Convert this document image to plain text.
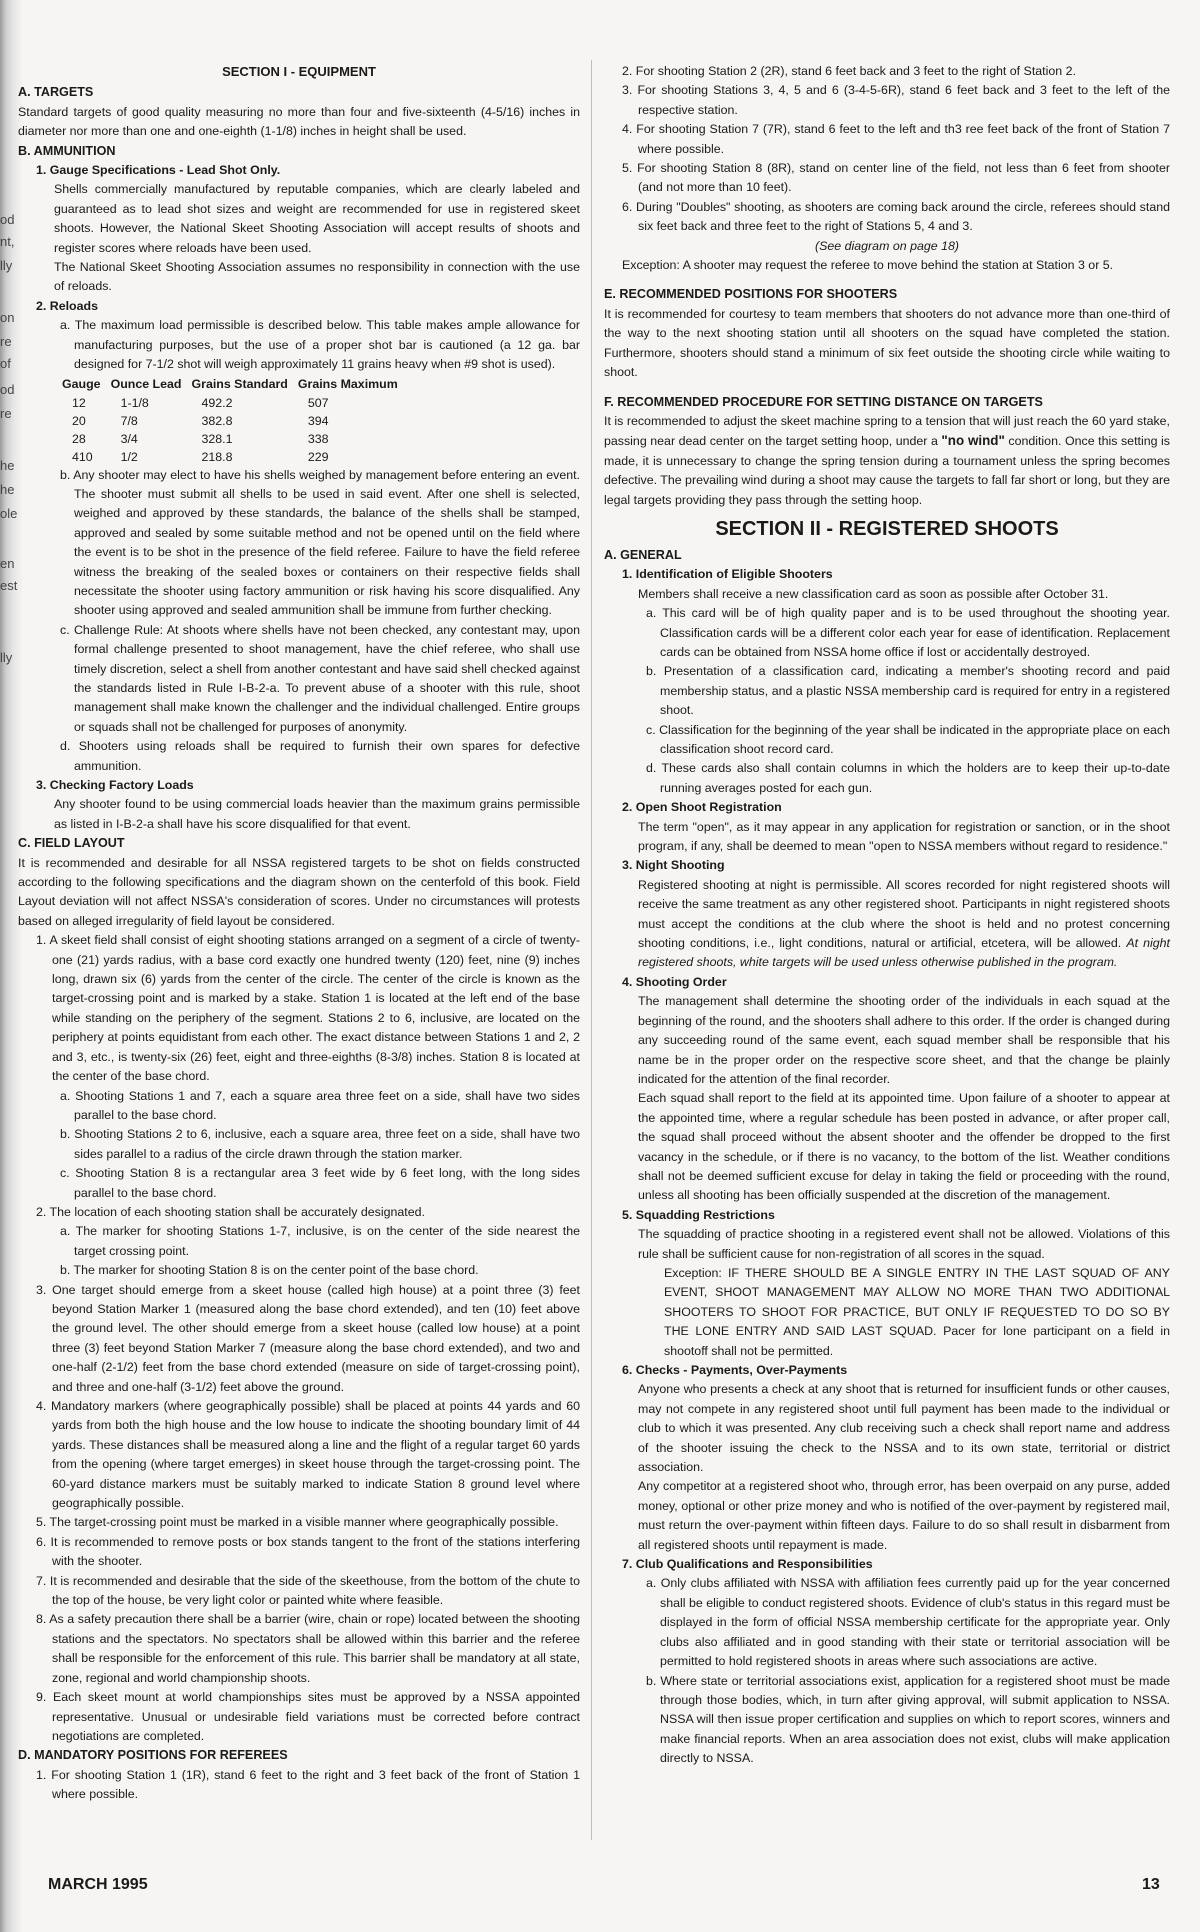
od
nt,
lly
on
re
of
od
re
he
he
ole
en
est
lly

SECTION I - EQUIPMENT

A. TARGETS

Standard targets of good quality measuring no more than four and five-sixteenth (4-5/16) inches in diameter nor more than one and one-eighth (1-1/8) inches in height shall be used.

B. AMMUNITION

1. Gauge Specifications - Lead Shot Only.

Shells commercially manufactured by reputable companies, which are clearly labeled and guaranteed as to lead shot sizes and weight are recommended for use in registered skeet shoots. However, the National Skeet Shooting Association will accept results of shoots and register scores where reloads have been used.

The National Skeet Shooting Association assumes no responsibility in connection with the use of reloads.

2. Reloads

a. The maximum load permissible is described below. This table makes ample allowance for manufacturing purposes, but the use of a proper shot bar is cautioned (a 12 ga. bar designed for 7-1/2 shot will weigh approximately 11 grains heavy when #9 shot is used).

Gauge	Ounce Lead	Grains Standard	Grains Maximum
12	1-1/8	492.2	507
20	7/8	382.8	394
28	3/4	328.1	338
410	1/2	218.8	229

b. Any shooter may elect to have his shells weighed by management before entering an event. The shooter must submit all shells to be used in said event. After one shell is selected, weighed and approved by these standards, the balance of the shells shall be stamped, approved and sealed by some suitable method and not be opened until on the field where the event is to be shot in the presence of the field referee. Failure to have the field referee witness the breaking of the sealed boxes or containers on their respective fields shall necessitate the shooter using factory ammunition or risk having his score disqualified. Any shooter using approved and sealed ammunition shall be immune from further checking.

c. Challenge Rule: At shoots where shells have not been checked, any contestant may, upon formal challenge presented to shoot management, have the chief referee, who shall use timely discretion, select a shell from another contestant and have said shell checked against the standards listed in Rule I-B-2-a. To prevent abuse of a shooter with this rule, shoot management shall make known the challenger and the individual challenged. Entire groups or squads shall not be challenged for purposes of anonymity.

d. Shooters using reloads shall be required to furnish their own spares for defective ammunition.

3. Checking Factory Loads

Any shooter found to be using commercial loads heavier than the maximum grains permissible as listed in I-B-2-a shall have his score disqualified for that event.

C. FIELD LAYOUT

It is recommended and desirable for all NSSA registered targets to be shot on fields constructed according to the following specifications and the diagram shown on the centerfold of this book. Field Layout deviation will not affect NSSA's consideration of scores. Under no circumstances will protests based on alleged irregularity of field layout be considered.

1. A skeet field shall consist of eight shooting stations arranged on a segment of a circle of twenty-one (21) yards radius, with a base cord exactly one hundred twenty (120) feet, nine (9) inches long, drawn six (6) yards from the center of the circle. The center of the circle is known as the target-crossing point and is marked by a stake. Station 1 is located at the left end of the base while standing on the periphery of the segment. Stations 2 to 6, inclusive, are located on the periphery at points equidistant from each other. The exact distance between Stations 1 and 2, 2 and 3, etc., is twenty-six (26) feet, eight and three-eighths (8-3/8) inches. Station 8 is located at the center of the base chord.

a. Shooting Stations 1 and 7, each a square area three feet on a side, shall have two sides parallel to the base chord.

b. Shooting Stations 2 to 6, inclusive, each a square area, three feet on a side, shall have two sides parallel to a radius of the circle drawn through the station marker.

c. Shooting Station 8 is a rectangular area 3 feet wide by 6 feet long, with the long sides parallel to the base chord.

2. The location of each shooting station shall be accurately designated.

a. The marker for shooting Stations 1-7, inclusive, is on the center of the side nearest the target crossing point.

b. The marker for shooting Station 8 is on the center point of the base chord.

3. One target should emerge from a skeet house (called high house) at a point three (3) feet beyond Station Marker 1 (measured along the base chord extended), and ten (10) feet above the ground level. The other should emerge from a skeet house (called low house) at a point three (3) feet beyond Station Marker 7 (measure along the base chord extended), and two and one-half (2-1/2) feet from the base chord extended (measure on side of target-crossing point), and three and one-half (3-1/2) feet above the ground.

4. Mandatory markers (where geographically possible) shall be placed at points 44 yards and 60 yards from both the high house and the low house to indicate the shooting boundary limit of 44 yards. These distances shall be measured along a line and the flight of a regular target 60 yards from the opening (where target emerges) in skeet house through the target-crossing point. The 60-yard distance markers must be suitably marked to indicate Station 8 ground level where geographically possible.

5. The target-crossing point must be marked in a visible manner where geographically possible.

6. It is recommended to remove posts or box stands tangent to the front of the stations interfering with the shooter.

7. It is recommended and desirable that the side of the skeethouse, from the bottom of the chute to the top of the house, be very light color or painted white where feasible.

8. As a safety precaution there shall be a barrier (wire, chain or rope) located between the shooting stations and the spectators. No spectators shall be allowed within this barrier and the referee shall be responsible for the enforcement of this rule. This barrier shall be mandatory at all state, zone, regional and world championship shoots.

9. Each skeet mount at world championships sites must be approved by a NSSA appointed representative. Unusual or undesirable field variations must be corrected before contract negotiations are completed.

D. MANDATORY POSITIONS FOR REFEREES

1. For shooting Station 1 (1R), stand 6 feet to the right and 3 feet back of the front of Station 1 where possible.

2. For shooting Station 2 (2R), stand 6 feet back and 3 feet to the right of Station 2.

3. For shooting Stations 3, 4, 5 and 6 (3-4-5-6R), stand 6 feet back and 3 feet to the left of the respective station.

4. For shooting Station 7 (7R), stand 6 feet to the left and th3 ree feet back of the front of Station 7 where possible.

5. For shooting Station 8 (8R), stand on center line of the field, not less than 6 feet from shooter (and not more than 10 feet).

6. During "Doubles" shooting, as shooters are coming back around the circle, referees should stand six feet back and three feet to the right of Stations 5, 4 and 3.

(See diagram on page 18)

Exception: A shooter may request the referee to move behind the station at Station 3 or 5.

E. RECOMMENDED POSITIONS FOR SHOOTERS

It is recommended for courtesy to team members that shooters do not advance more than one-third of the way to the next shooting station until all shooters on the squad have completed the station. Furthermore, shooters should stand a minimum of six feet outside the shooting circle while waiting to shoot.

F. RECOMMENDED PROCEDURE FOR SETTING DISTANCE ON TARGETS

It is recommended to adjust the skeet machine spring to a tension that will just reach the 60 yard stake, passing near dead center on the target setting hoop, under a "no wind" condition. Once this setting is made, it is unnecessary to change the spring tension during a tournament unless the spring becomes defective. The prevailing wind during a shoot may cause the targets to fall far short or long, but they are legal targets providing they pass through the setting hoop.

SECTION II - REGISTERED SHOOTS

A. GENERAL

1. Identification of Eligible Shooters

Members shall receive a new classification card as soon as possible after October 31.

a. This card will be of high quality paper and is to be used throughout the shooting year. Classification cards will be a different color each year for ease of identification. Replacement cards can be obtained from NSSA home office if lost or accidentally destroyed.

b. Presentation of a classification card, indicating a member's shooting record and paid membership status, and a plastic NSSA membership card is required for entry in a registered shoot.

c. Classification for the beginning of the year shall be indicated in the appropriate place on each classification shoot record card.

d. These cards also shall contain columns in which the holders are to keep their up-to-date running averages posted for each gun.

2. Open Shoot Registration

The term "open", as it may appear in any application for registration or sanction, or in the shoot program, if any, shall be deemed to mean "open to NSSA members without regard to residence."

3. Night Shooting

Registered shooting at night is permissible. All scores recorded for night registered shoots will receive the same treatment as any other registered shoot. Participants in night registered shoots must accept the conditions at the club where the shoot is held and no protest concerning shooting conditions, i.e., light conditions, natural or artificial, etcetera, will be allowed. At night registered shoots, white targets will be used unless otherwise published in the program.

4. Shooting Order

The management shall determine the shooting order of the individuals in each squad at the beginning of the round, and the shooters shall adhere to this order. If the order is changed during any succeeding round of the same event, each squad member shall be responsible that his name be in the proper order on the respective score sheet, and that the change be plainly indicated for the attention of the final recorder.

Each squad shall report to the field at its appointed time. Upon failure of a shooter to appear at the appointed time, where a regular schedule has been posted in advance, or after proper call, the squad shall proceed without the absent shooter and the offender be dropped to the first vacancy in the schedule, or if there is no vacancy, to the bottom of the list. Weather conditions shall not be deemed sufficient excuse for delay in taking the field or proceeding with the round, unless all shooting has been officially suspended at the discretion of the management.

5. Squadding Restrictions

The squadding of practice shooting in a registered event shall not be allowed. Violations of this rule shall be sufficient cause for non-registration of all scores in the squad.

Exception: IF THERE SHOULD BE A SINGLE ENTRY IN THE LAST SQUAD OF ANY EVENT, SHOOT MANAGEMENT MAY ALLOW NO MORE THAN TWO ADDITIONAL SHOOTERS TO SHOOT FOR PRACTICE, BUT ONLY IF REQUESTED TO DO SO BY THE LONE ENTRY AND SAID LAST SQUAD. Pacer for lone participant on a field in shootoff shall not be permitted.

6. Checks - Payments, Over-Payments

Anyone who presents a check at any shoot that is returned for insufficient funds or other causes, may not compete in any registered shoot until full payment has been made to the individual or club to which it was presented. Any club receiving such a check shall report name and address of the shooter issuing the check to the NSSA and to its own state, territorial or district association.

Any competitor at a registered shoot who, through error, has been overpaid on any purse, added money, optional or other prize money and who is notified of the over-payment by registered mail, must return the over-payment within fifteen days. Failure to do so shall result in disbarment from all registered shoots until repayment is made.

7. Club Qualifications and Responsibilities

a. Only clubs affiliated with NSSA with affiliation fees currently paid up for the year concerned shall be eligible to conduct registered shoots. Evidence of club's status in this regard must be displayed in the form of official NSSA membership certificate for the appropriate year. Only clubs also affiliated and in good standing with their state or territorial association will be permitted to hold registered shoots in areas where such associations are active.

b. Where state or territorial associations exist, application for a registered shoot must be made through those bodies, which, in turn after giving approval, will submit application to NSSA. NSSA will then issue proper certification and supplies on which to report scores, winners and make financial reports. When an area association does not exist, clubs will make application directly to NSSA.

MARCH 1995	13
